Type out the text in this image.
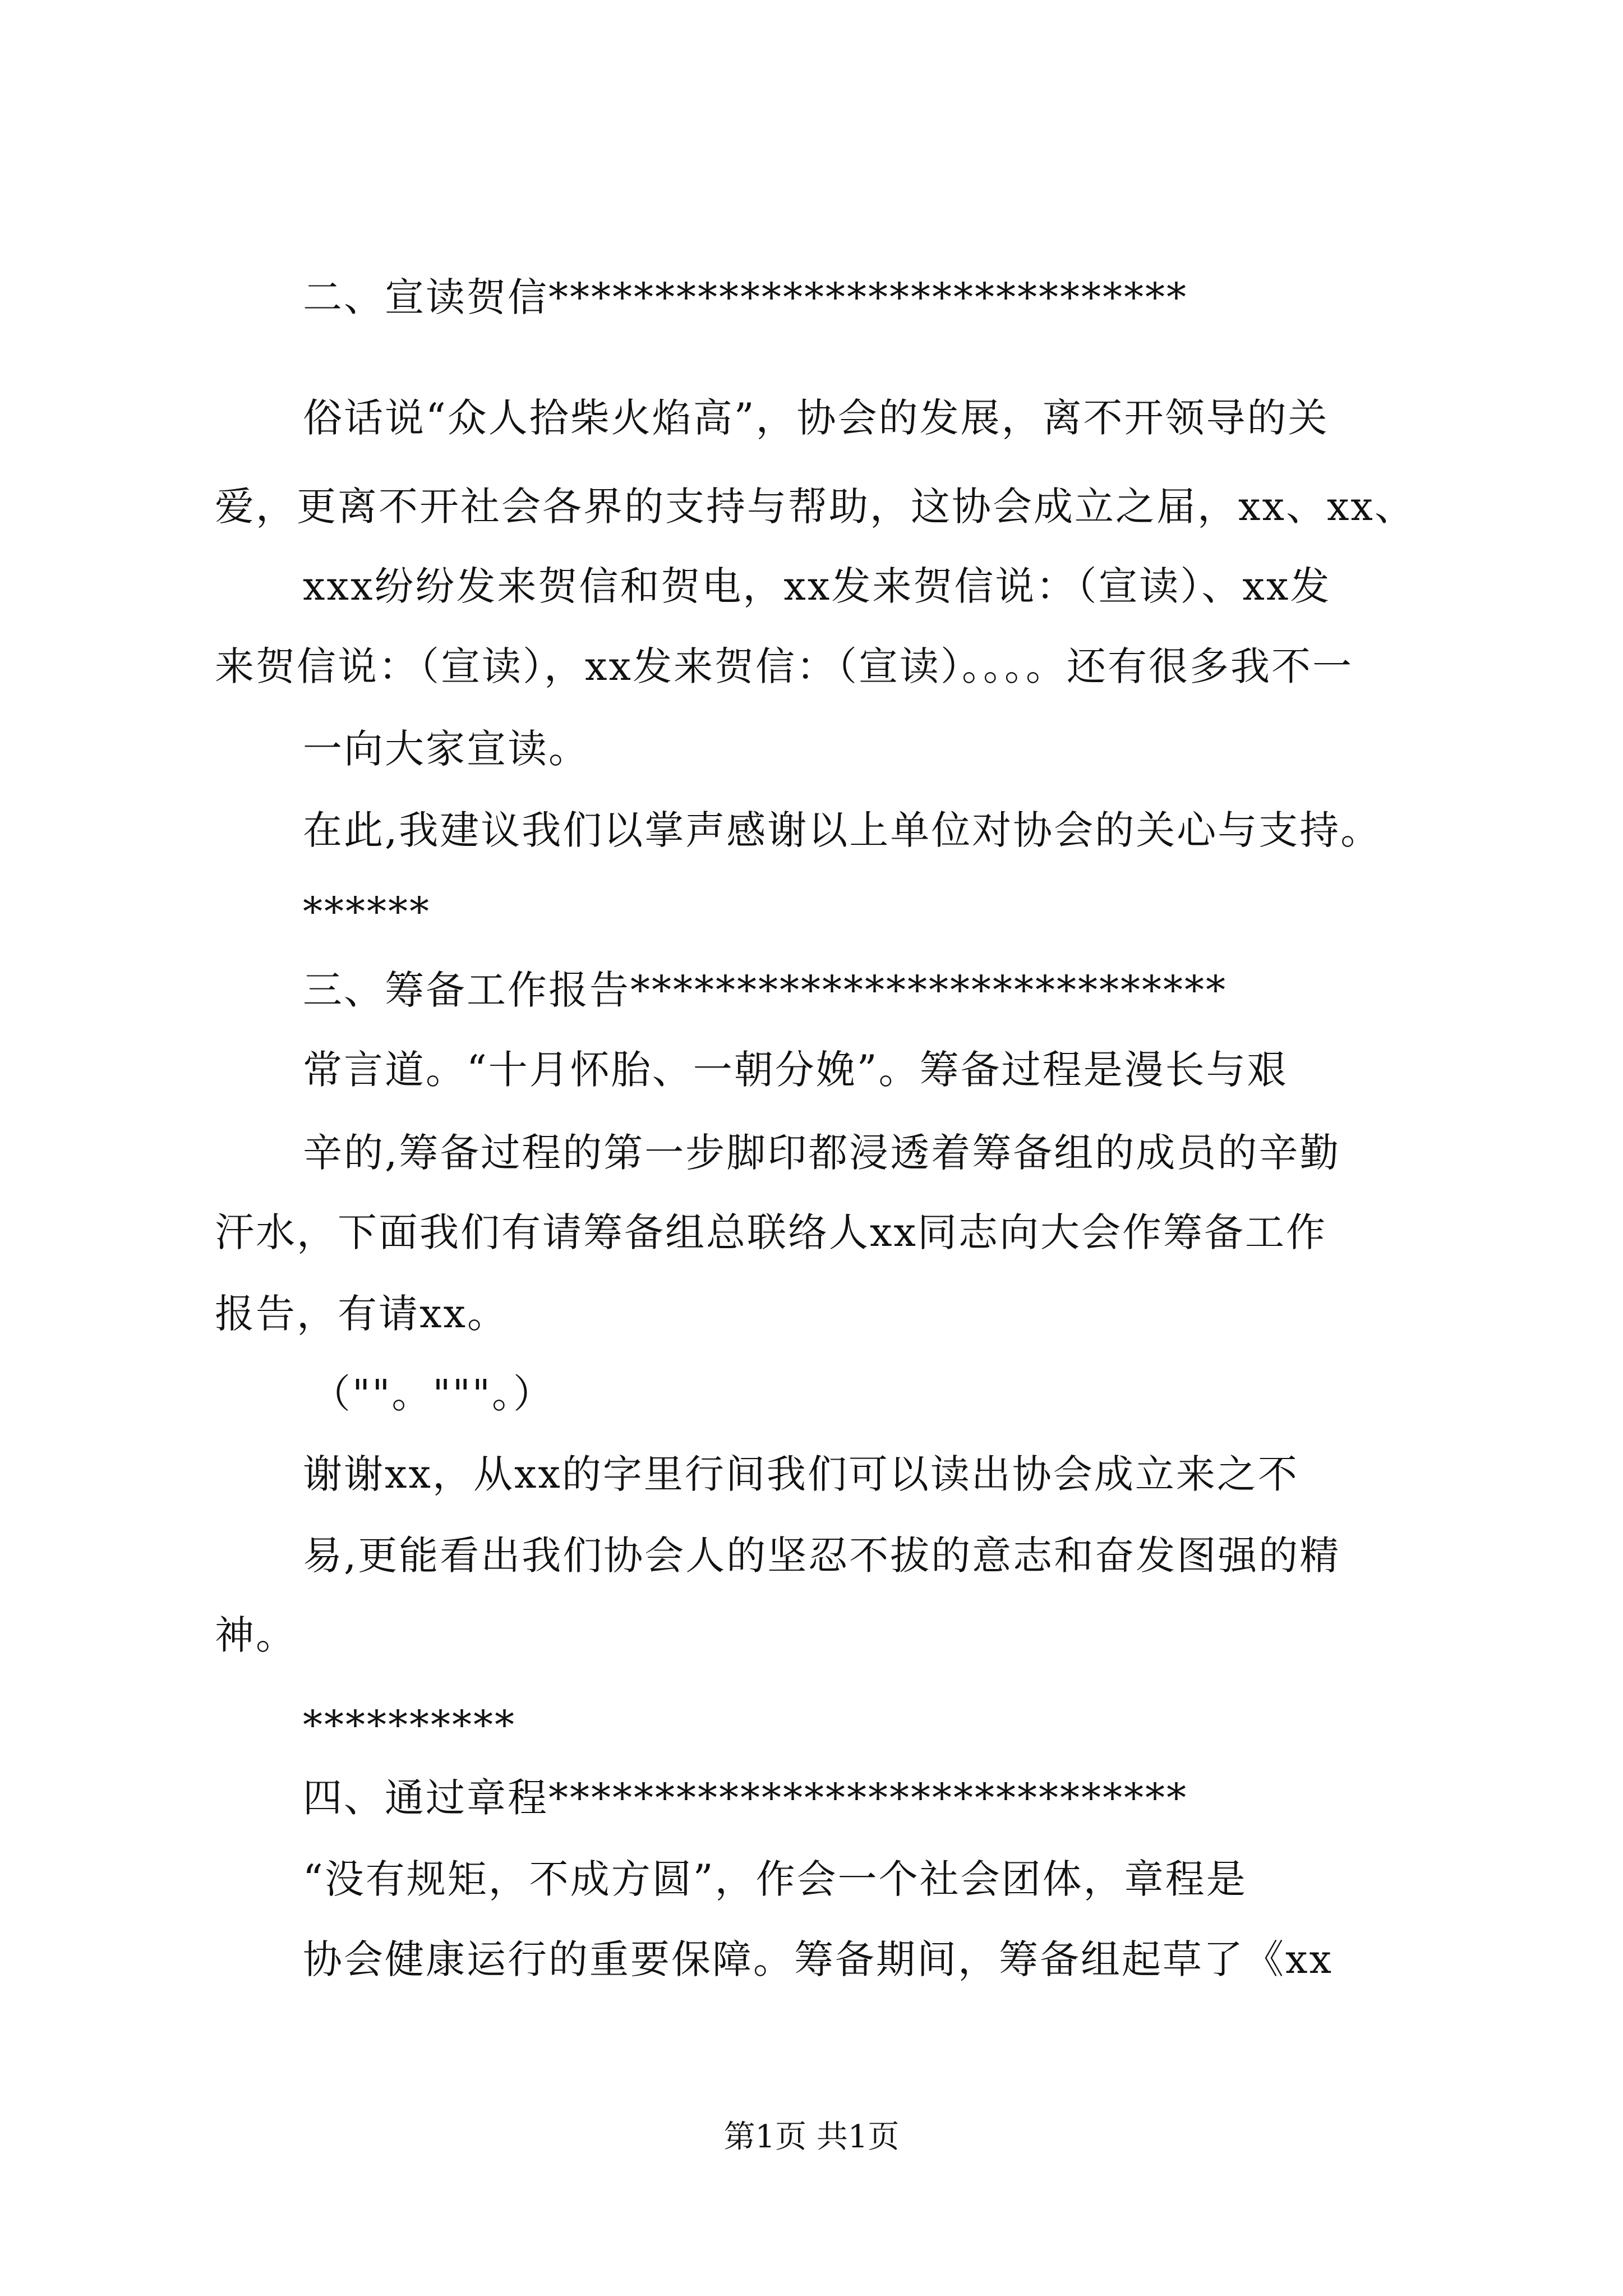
二、宣读贺信******************************
俗话说“众人拾柴火焰高”，协会的发展，离不开领导的关
爱，更离不开社会各界的支持与帮助，这协会成立之届，xx、xx、
xxx纷纷发来贺信和贺电，xx发来贺信说：（宣读）、xx发
来贺信说：（宣读），xx发来贺信：（宣读）。。。。还有很多我不一
一向大家宣读。
在此,我建议我们以掌声感谢以上单位对协会的关心与支持。
******
三、筹备工作报告****************************
常言道。“十月怀胎、一朝分娩”。筹备过程是漫长与艰
辛的,筹备过程的第一步脚印都浸透着筹备组的成员的辛勤
汗水，下面我们有请筹备组总联络人xx同志向大会作筹备工作
报告，有请xx。
（""。"""。）
谢谢xx，从xx的字里行间我们可以读出协会成立来之不
易,更能看出我们协会人的坚忍不拔的意志和奋发图强的精
神。
**********
四、通过章程******************************
“没有规矩，不成方圆”，作会一个社会团体，章程是
协会健康运行的重要保障。筹备期间，筹备组起草了《xx
第1页 共1页
